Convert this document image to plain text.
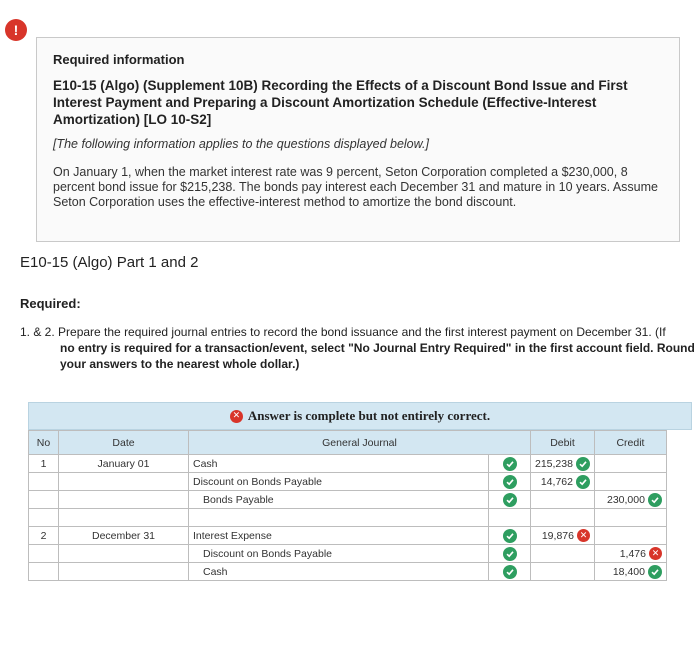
!

Required information

E10-15 (Algo) (Supplement 10B) Recording the Effects of a Discount Bond Issue and First Interest Payment and Preparing a Discount Amortization Schedule (Effective-Interest Amortization) [LO 10-S2]

[The following information applies to the questions displayed below.]

On January 1, when the market interest rate was 9 percent, Seton Corporation completed a $230,000, 8 percent bond issue for $215,238. The bonds pay interest each December 31 and mature in 10 years. Assume Seton Corporation uses the effective-interest method to amortize the bond discount.

E10-15 (Algo) Part 1 and 2
Required:
1. & 2. Prepare the required journal entries to record the bond issuance and the first interest payment on December 31. (If
no entry is required for a transaction/event, select "No Journal Entry Required" in the first account field. Round
your answers to the nearest whole dollar.)
✕ Answer is complete but not entirely correct.
No	Date	General Journal		Debit	Credit
1	January 01	Cash		215,238	

		Discount on Bonds Payable		14,762	

		Bonds Payable			230,000

2	December 31	Interest Expense		19,876 ✕	

		Discount on Bonds Payable			1,476 ✕

		Cash			18,400
